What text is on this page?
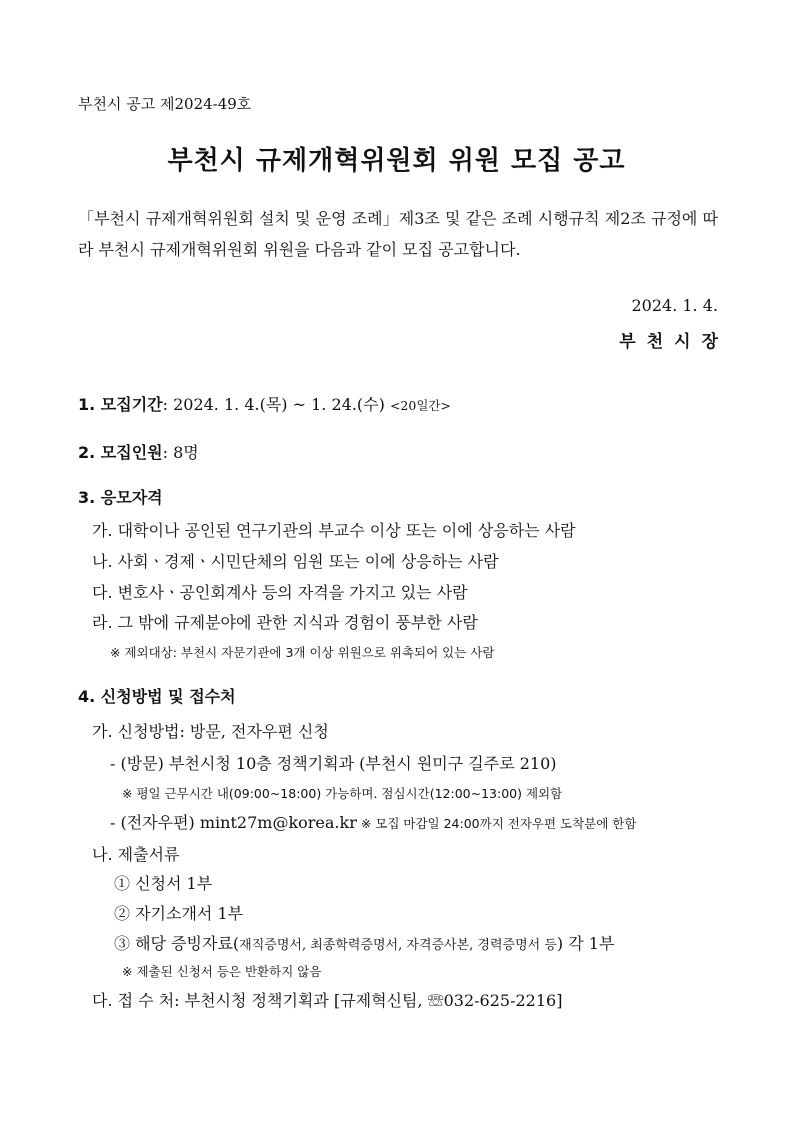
부천시 공고 제2024-49호
부천시 규제개혁위원회 위원 모집 공고
「부천시 규제개혁위원회 설치 및 운영 조례」제3조 및 같은 조례 시행규칙 제2조 규정에 따라 부천시 규제개혁위원회 위원을 다음과 같이 모집 공고합니다.
2024. 1. 4.
부천시장
1. 모집기간: 2024. 1. 4.(목) ~ 1. 24.(수) <20일간>
2. 모집인원: 8명
3. 응모자격
가. 대학이나 공인된 연구기관의 부교수 이상 또는 이에 상응하는 사람
나. 사회ㆍ경제ㆍ시민단체의 임원 또는 이에 상응하는 사람
다. 변호사ㆍ공인회계사 등의 자격을 가지고 있는 사람
라. 그 밖에 규제분야에 관한 지식과 경험이 풍부한 사람
※ 제외대상: 부천시 자문기관에 3개 이상 위원으로 위촉되어 있는 사람
4. 신청방법 및 접수처
가. 신청방법: 방문, 전자우편 신청
- (방문) 부천시청 10층 정책기획과 (부천시 원미구 길주로 210)
※ 평일 근무시간 내(09:00~18:00) 가능하며. 점심시간(12:00~13:00) 제외함
- (전자우편) mint27m@korea.kr ※ 모집 마감일 24:00까지 전자우편 도착분에 한함
나. 제출서류
① 신청서 1부
② 자기소개서 1부
③ 해당 증빙자료(재직증명서, 최종학력증명서, 자격증사본, 경력증명서 등) 각 1부
※ 제출된 신청서 등은 반환하지 않음
다. 접 수 처: 부천시청 정책기획과 [규제혁신팀, ☏032-625-2216]
